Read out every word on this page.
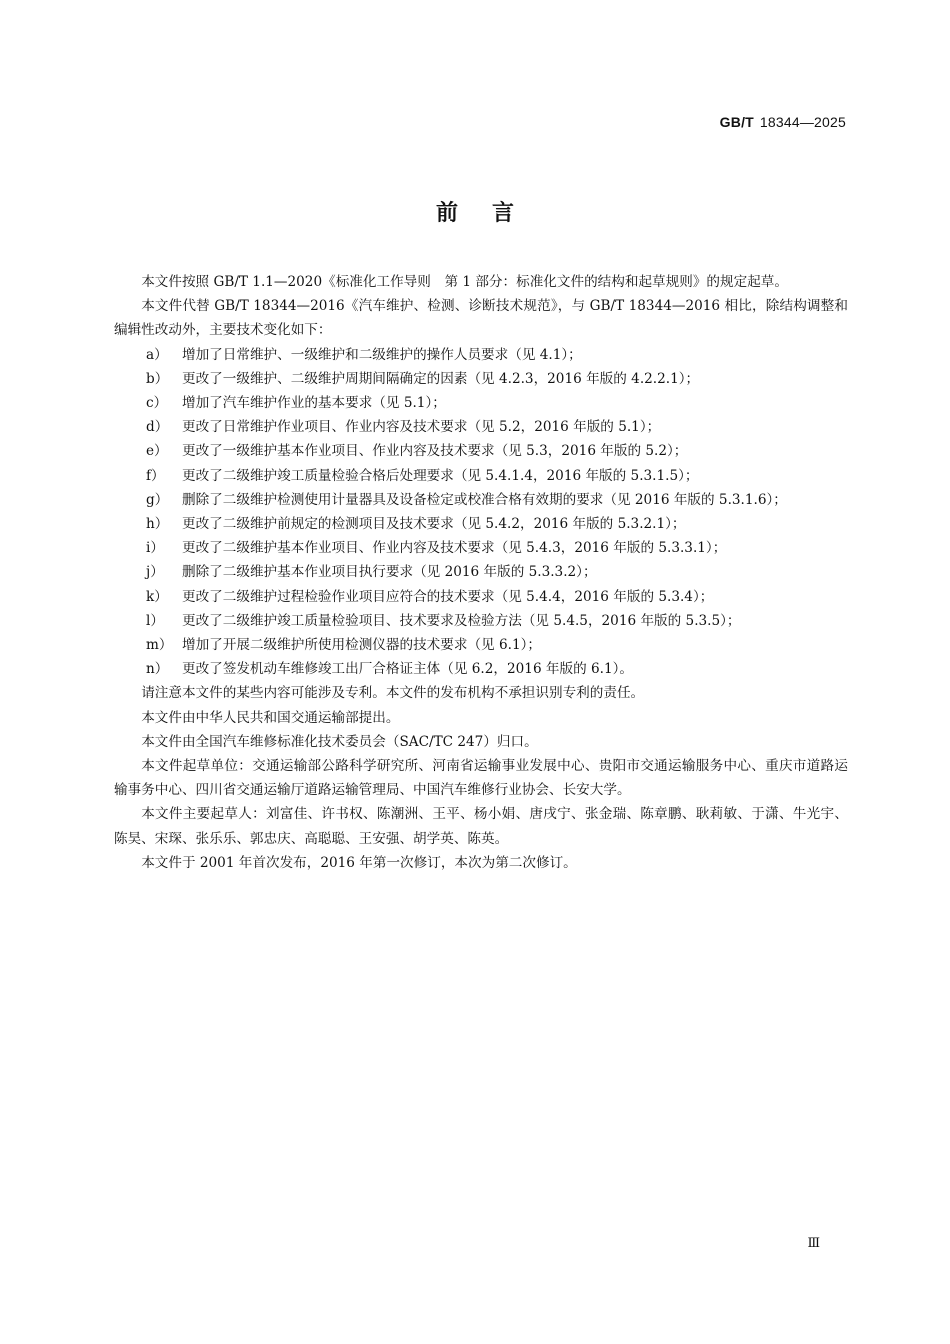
GB/T 18344—2025
前言

本文件按照 GB/T 1.1—2020《标准化工作导则　第 1 部分：标准化文件的结构和起草规则》的规定起草。

本文件代替 GB/T 18344—2016《汽车维护、检测、诊断技术规范》，与 GB/T 18344—2016 相比，除结构调整和编辑性改动外，主要技术变化如下：

a）	增加了日常维护、一级维护和二级维护的操作人员要求（见 4.1）；
b）	更改了一级维护、二级维护周期间隔确定的因素（见 4.2.3，2016 年版的 4.2.2.1）；
c）	增加了汽车维护作业的基本要求（见 5.1）；
d）	更改了日常维护作业项目、作业内容及技术要求（见 5.2，2016 年版的 5.1）；
e）	更改了一级维护基本作业项目、作业内容及技术要求（见 5.3，2016 年版的 5.2）；
f）	更改了二级维护竣工质量检验合格后处理要求（见 5.4.1.4，2016 年版的 5.3.1.5）；
g）	删除了二级维护检测使用计量器具及设备检定或校准合格有效期的要求（见 2016 年版的 5.3.1.6）；
h）	更改了二级维护前规定的检测项目及技术要求（见 5.4.2，2016 年版的 5.3.2.1）；
i）	更改了二级维护基本作业项目、作业内容及技术要求（见 5.4.3，2016 年版的 5.3.3.1）；
j）	删除了二级维护基本作业项目执行要求（见 2016 年版的 5.3.3.2）；
k）	更改了二级维护过程检验作业项目应符合的技术要求（见 5.4.4，2016 年版的 5.3.4）；
l）	更改了二级维护竣工质量检验项目、技术要求及检验方法（见 5.4.5，2016 年版的 5.3.5）；
m） 增加了开展二级维护所使用检测仪器的技术要求（见 6.1）；
n）	更改了签发机动车维修竣工出厂合格证主体（见 6.2，2016 年版的 6.1）。

请注意本文件的某些内容可能涉及专利。本文件的发布机构不承担识别专利的责任。

本文件由中华人民共和国交通运输部提出。

本文件由全国汽车维修标准化技术委员会（SAC/TC 247）归口。

本文件起草单位：交通运输部公路科学研究所、河南省运输事业发展中心、贵阳市交通运输服务中心、重庆市道路运输事务中心、四川省交通运输厅道路运输管理局、中国汽车维修行业协会、长安大学。

本文件主要起草人：刘富佳、许书权、陈潮洲、王平、杨小娟、唐戌宁、张金瑞、陈章鹏、耿莉敏、于潇、牛光宇、陈昊、宋琛、张乐乐、郭忠庆、高聪聪、王安强、胡学英、陈英。

本文件于 2001 年首次发布，2016 年第一次修订，本次为第二次修订。

Ⅲ
